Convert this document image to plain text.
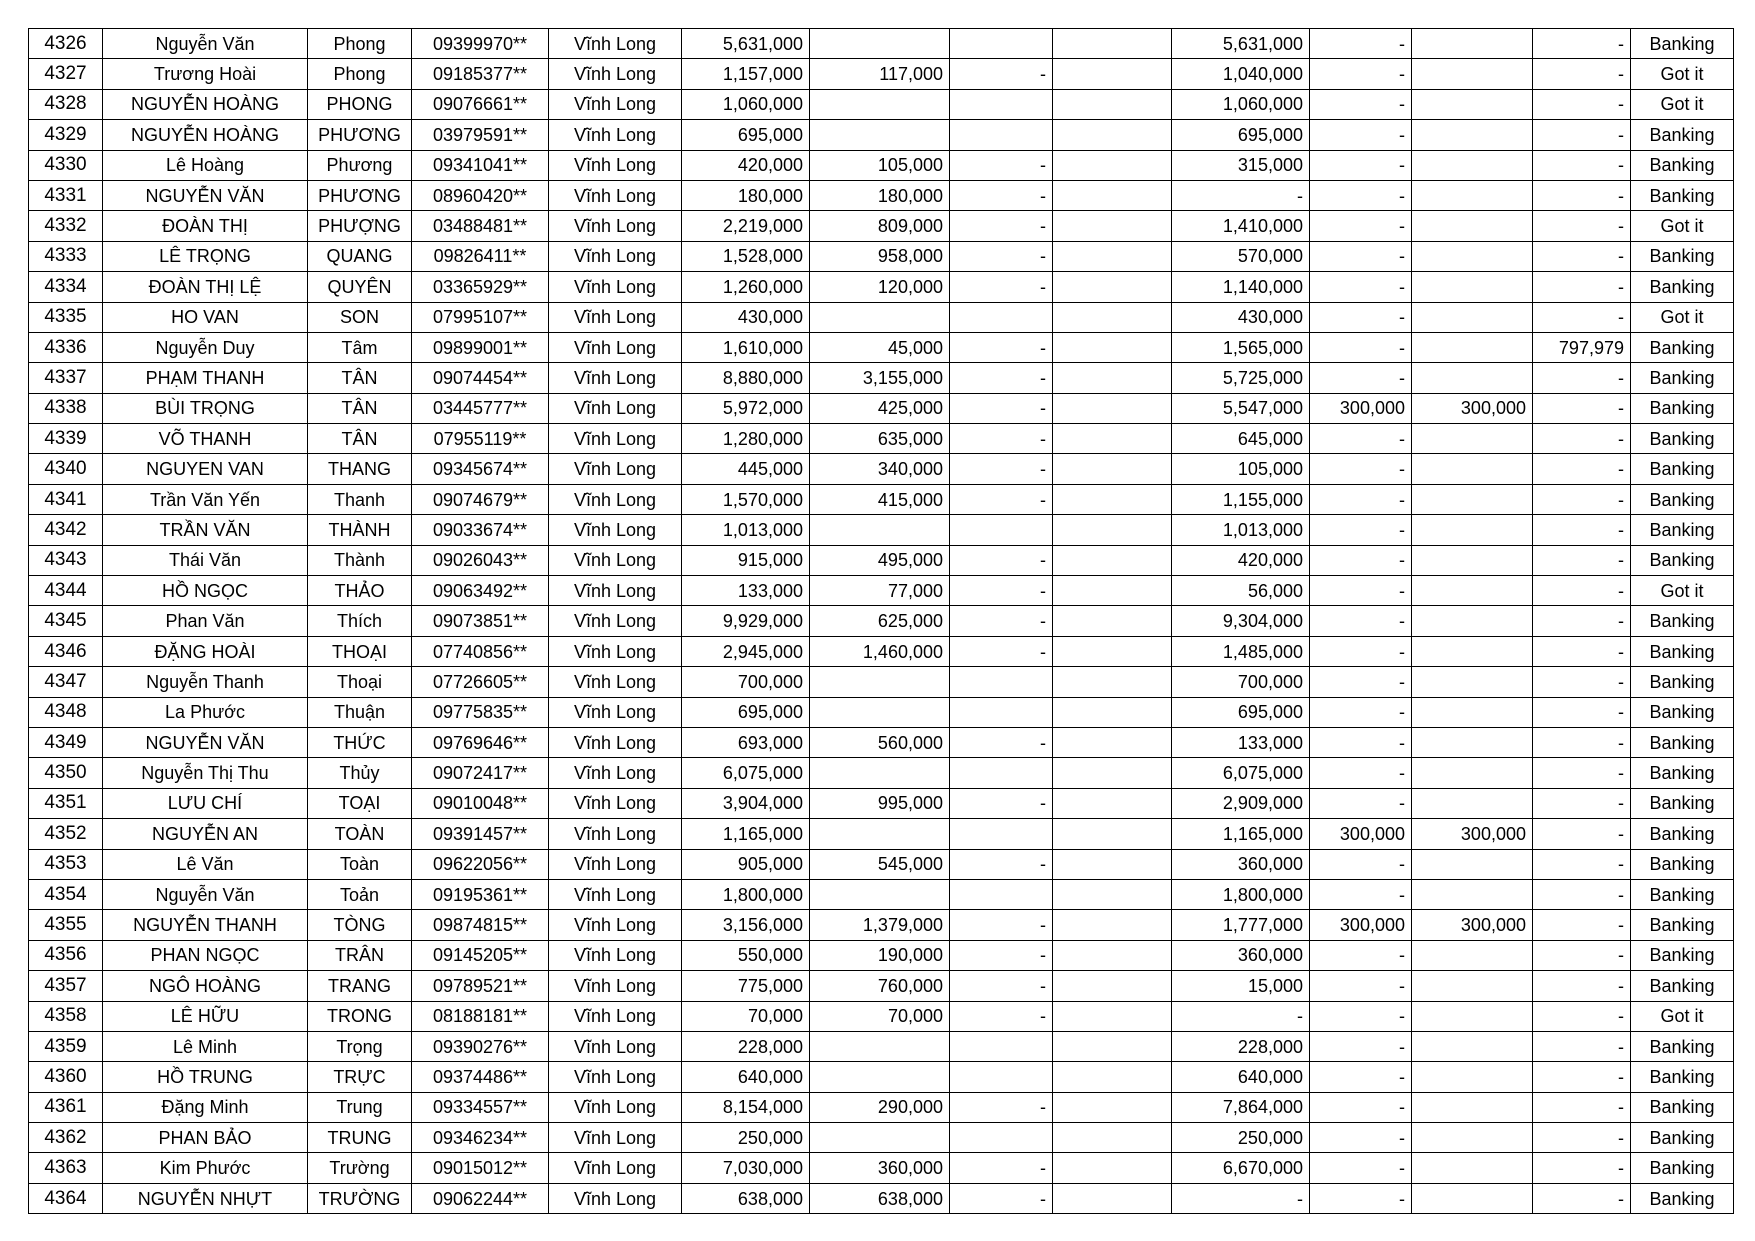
4326	Nguyễn Văn	Phong	09399970**	Vĩnh Long	5,631,000				5,631,000	-		-	Banking
4327	Trương Hoài	Phong	09185377**	Vĩnh Long	1,157,000	117,000	-		1,040,000	-		-	Got it
4328	NGUYỄN HOÀNG	PHONG	09076661**	Vĩnh Long	1,060,000				1,060,000	-		-	Got it
4329	NGUYỄN HOÀNG	PHƯƠNG	03979591**	Vĩnh Long	695,000				695,000	-		-	Banking
4330	Lê Hoàng	Phương	09341041**	Vĩnh Long	420,000	105,000	-		315,000	-		-	Banking
4331	NGUYỄN VĂN	PHƯƠNG	08960420**	Vĩnh Long	180,000	180,000	-		-	-		-	Banking
4332	ĐOÀN THỊ	PHƯỢNG	03488481**	Vĩnh Long	2,219,000	809,000	-		1,410,000	-		-	Got it
4333	LÊ TRỌNG	QUANG	09826411**	Vĩnh Long	1,528,000	958,000	-		570,000	-		-	Banking
4334	ĐOÀN THỊ LỆ	QUYÊN	03365929**	Vĩnh Long	1,260,000	120,000	-		1,140,000	-		-	Banking
4335	HO VAN	SON	07995107**	Vĩnh Long	430,000				430,000	-		-	Got it
4336	Nguyễn Duy	Tâm	09899001**	Vĩnh Long	1,610,000	45,000	-		1,565,000	-		797,979	Banking
4337	PHẠM THANH	TÂN	09074454**	Vĩnh Long	8,880,000	3,155,000	-		5,725,000	-		-	Banking
4338	BÙI TRỌNG	TÂN	03445777**	Vĩnh Long	5,972,000	425,000	-		5,547,000	300,000	300,000	-	Banking
4339	VÕ THANH	TÂN	07955119**	Vĩnh Long	1,280,000	635,000	-		645,000	-		-	Banking
4340	NGUYEN VAN	THANG	09345674**	Vĩnh Long	445,000	340,000	-		105,000	-		-	Banking
4341	Trần Văn Yến	Thanh	09074679**	Vĩnh Long	1,570,000	415,000	-		1,155,000	-		-	Banking
4342	TRẦN VĂN	THÀNH	09033674**	Vĩnh Long	1,013,000				1,013,000	-		-	Banking
4343	Thái Văn	Thành	09026043**	Vĩnh Long	915,000	495,000	-		420,000	-		-	Banking
4344	HỒ NGỌC	THẢO	09063492**	Vĩnh Long	133,000	77,000	-		56,000	-		-	Got it
4345	Phan Văn	Thích	09073851**	Vĩnh Long	9,929,000	625,000	-		9,304,000	-		-	Banking
4346	ĐẶNG HOÀI	THOẠI	07740856**	Vĩnh Long	2,945,000	1,460,000	-		1,485,000	-		-	Banking
4347	Nguyễn Thanh	Thoại	07726605**	Vĩnh Long	700,000				700,000	-		-	Banking
4348	La Phước	Thuận	09775835**	Vĩnh Long	695,000				695,000	-		-	Banking
4349	NGUYỄN VĂN	THỨC	09769646**	Vĩnh Long	693,000	560,000	-		133,000	-		-	Banking
4350	Nguyễn Thị Thu	Thủy	09072417**	Vĩnh Long	6,075,000				6,075,000	-		-	Banking
4351	LƯU CHÍ	TOẠI	09010048**	Vĩnh Long	3,904,000	995,000	-		2,909,000	-		-	Banking
4352	NGUYỄN AN	TOÀN	09391457**	Vĩnh Long	1,165,000				1,165,000	300,000	300,000	-	Banking
4353	Lê Văn	Toàn	09622056**	Vĩnh Long	905,000	545,000	-		360,000	-		-	Banking
4354	Nguyễn Văn	Toản	09195361**	Vĩnh Long	1,800,000				1,800,000	-		-	Banking
4355	NGUYỄN THANH	TÒNG	09874815**	Vĩnh Long	3,156,000	1,379,000	-		1,777,000	300,000	300,000	-	Banking
4356	PHAN NGỌC	TRÂN	09145205**	Vĩnh Long	550,000	190,000	-		360,000	-		-	Banking
4357	NGÔ HOÀNG	TRANG	09789521**	Vĩnh Long	775,000	760,000	-		15,000	-		-	Banking
4358	LÊ HỮU	TRONG	08188181**	Vĩnh Long	70,000	70,000	-		-	-		-	Got it
4359	Lê Minh	Trọng	09390276**	Vĩnh Long	228,000				228,000	-		-	Banking
4360	HỒ TRUNG	TRỰC	09374486**	Vĩnh Long	640,000				640,000	-		-	Banking
4361	Đặng Minh	Trung	09334557**	Vĩnh Long	8,154,000	290,000	-		7,864,000	-		-	Banking
4362	PHAN BẢO	TRUNG	09346234**	Vĩnh Long	250,000				250,000	-		-	Banking
4363	Kim Phước	Trường	09015012**	Vĩnh Long	7,030,000	360,000	-		6,670,000	-		-	Banking
4364	NGUYỄN NHỰT	TRƯỜNG	09062244**	Vĩnh Long	638,000	638,000	-		-	-		-	Banking
